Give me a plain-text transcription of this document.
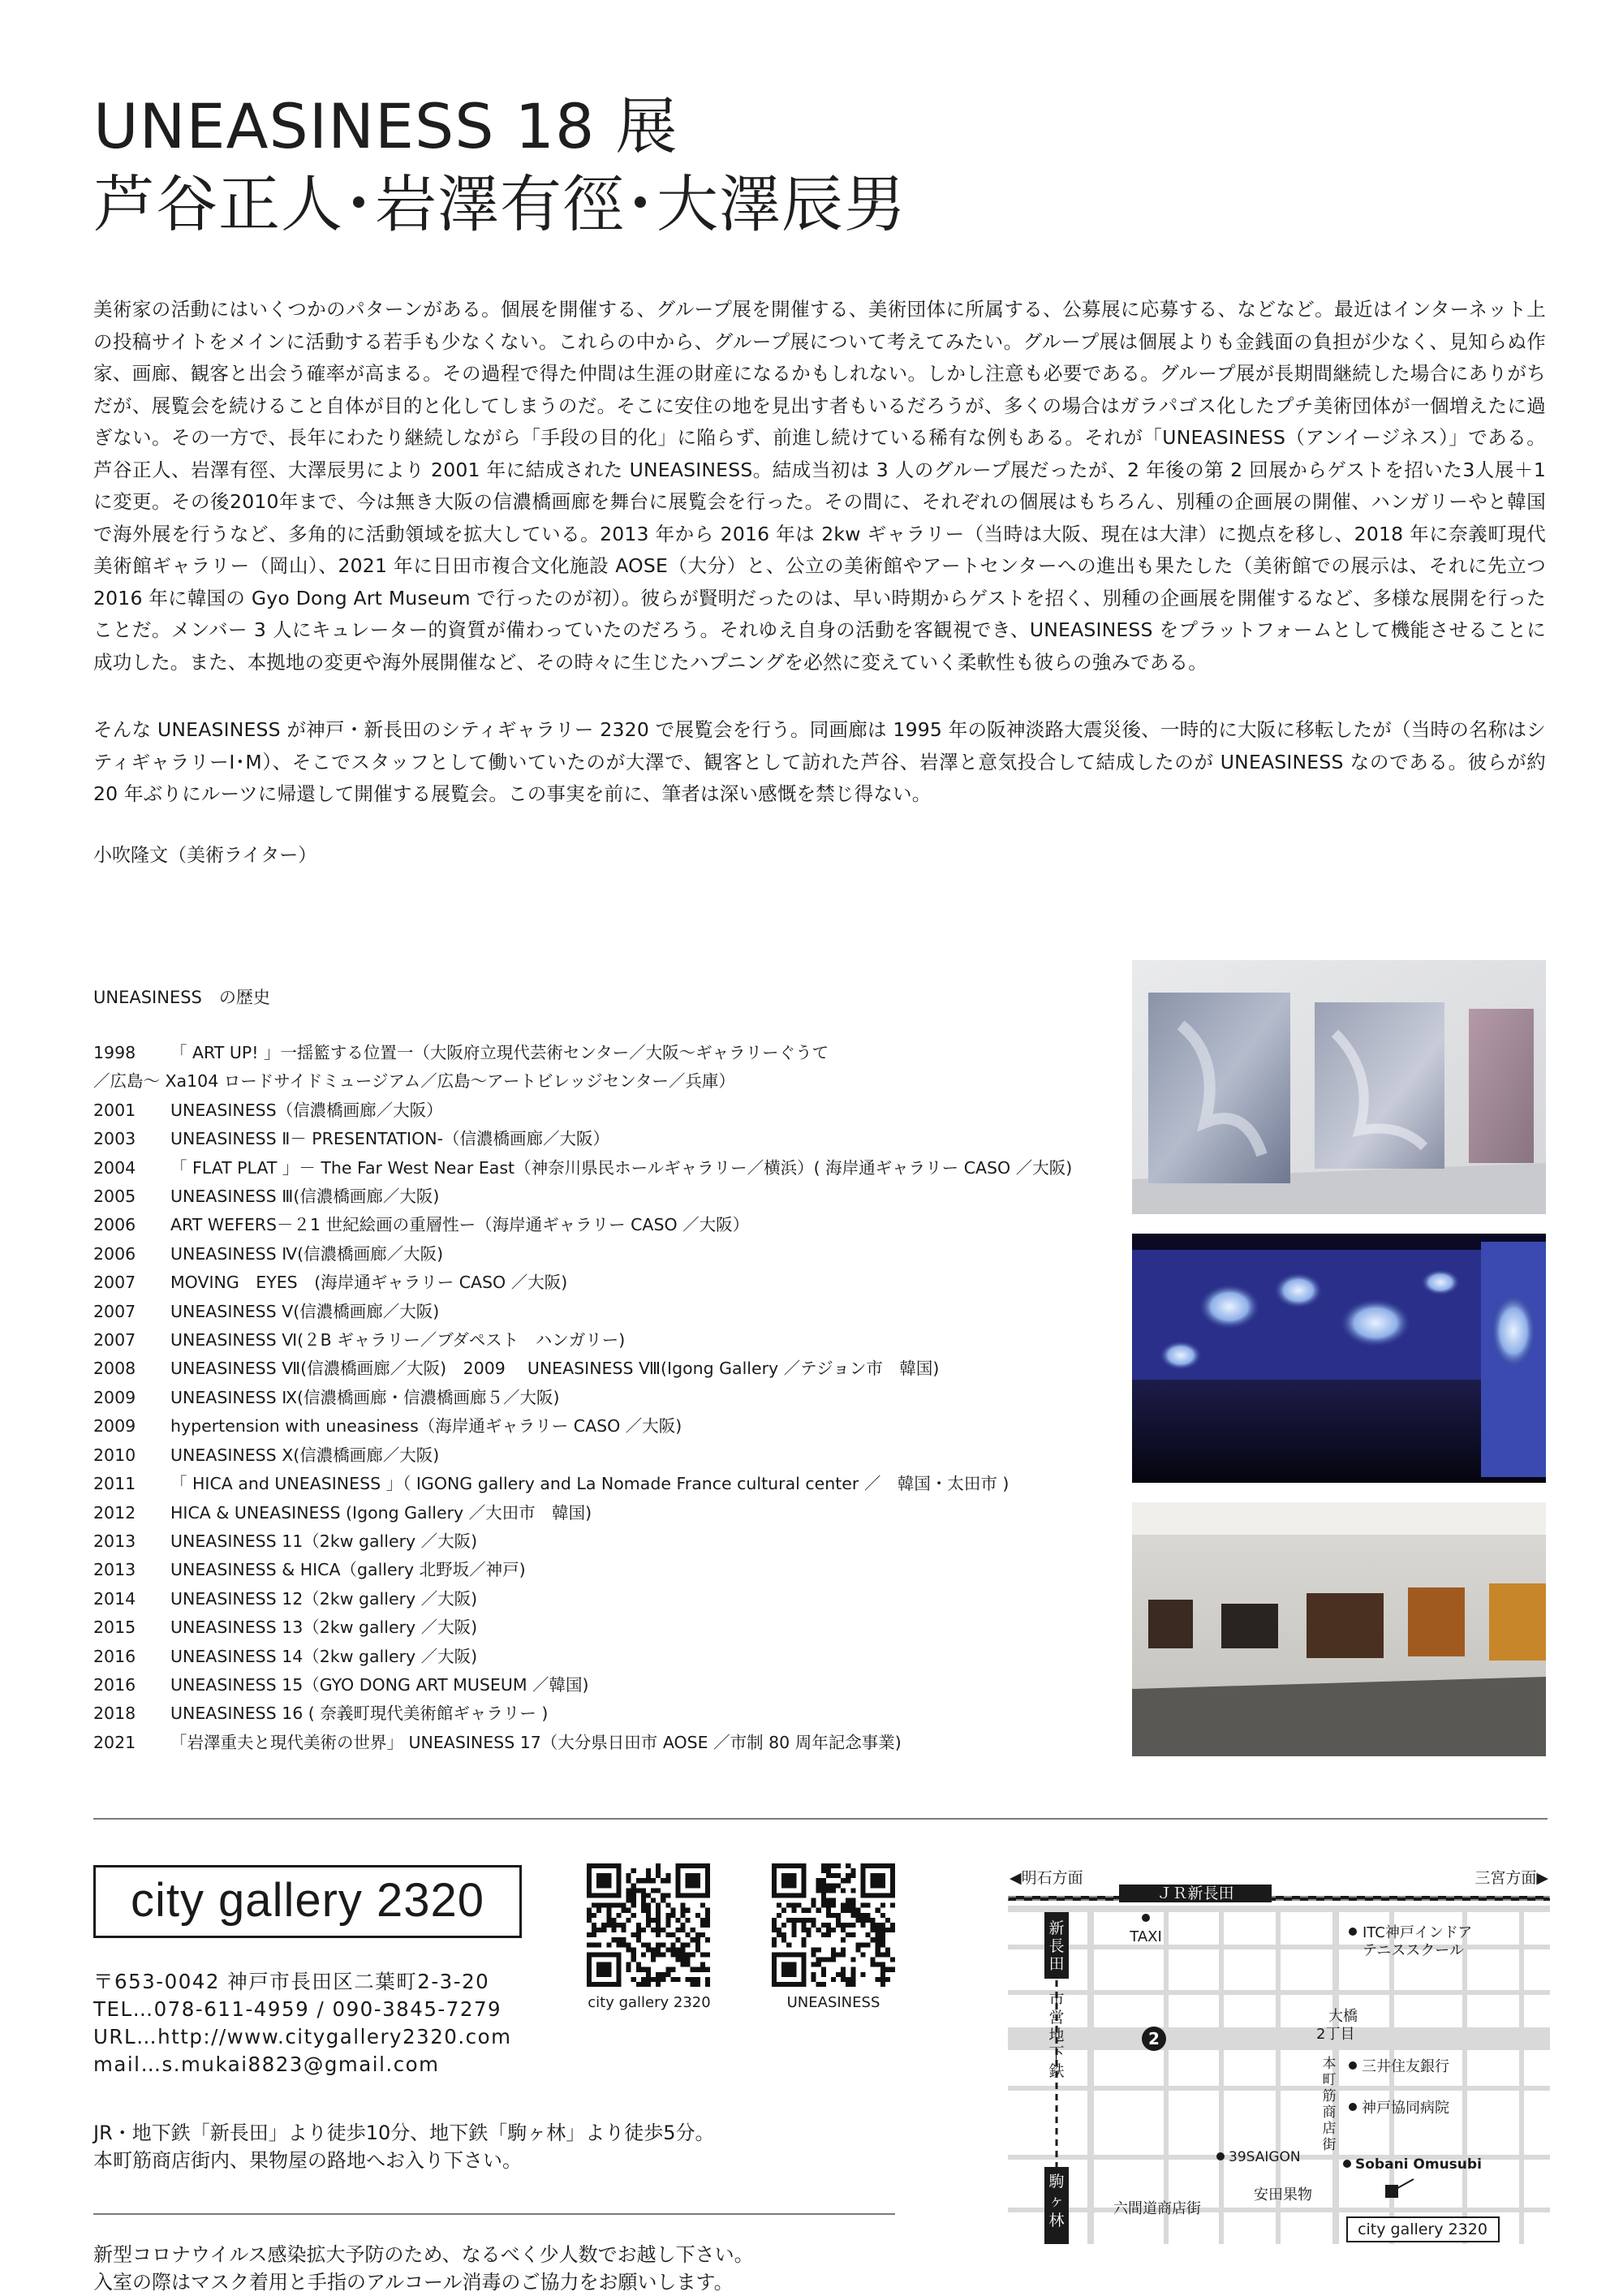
UNEASINESS 18 展
芦谷正人･岩澤有徑･大澤辰男
美術家の活動にはいくつかのパターンがある。個展を開催する、グループ展を開催する、美術団体に所属する、公募展に応募する、などなど。最近はインターネット上の投稿サイトをメインに活動する若手も少なくない。これらの中から、グループ展について考えてみたい。グループ展は個展よりも金銭面の負担が少なく、見知らぬ作家、画廊、観客と出会う確率が高まる。その過程で得た仲間は生涯の財産になるかもしれない。しかし注意も必要である。グループ展が長期間継続した場合にありがちだが、展覧会を続けること自体が目的と化してしまうのだ。そこに安住の地を見出す者もいるだろうが、多くの場合はガラパゴス化したプチ美術団体が一個増えたに過ぎない。その一方で、長年にわたり継続しながら「手段の目的化」に陥らず、前進し続けている稀有な例もある。それが「UNEASINESS（アンイージネス）」である。芦谷正人、岩澤有徑、大澤辰男により 2001 年に結成された UNEASINESS。結成当初は 3 人のグループ展だったが、2 年後の第 2 回展からゲストを招いた3人展＋1に変更。その後2010年まで、今は無き大阪の信濃橋画廊を舞台に展覧会を行った。その間に、それぞれの個展はもちろん、別種の企画展の開催、ハンガリーやと韓国で海外展を行うなど、多角的に活動領域を拡大している。2013 年から 2016 年は 2kw ギャラリー（当時は大阪、現在は大津）に拠点を移し、2018 年に奈義町現代美術館ギャラリー（岡山）、2021 年に日田市複合文化施設 AOSE（大分）と、公立の美術館やアートセンターへの進出も果たした（美術館での展示は、それに先立つ 2016 年に韓国の Gyo Dong Art Museum で行ったのが初）。彼らが賢明だったのは、早い時期からゲストを招く、別種の企画展を開催するなど、多様な展開を行ったことだ。メンバー 3 人にキュレーター的資質が備わっていたのだろう。それゆえ自身の活動を客観視でき、UNEASINESS をプラットフォームとして機能させることに成功した。また、本拠地の変更や海外展開催など、その時々に生じたハプニングを必然に変えていく柔軟性も彼らの強みである。
そんな UNEASINESS が神戸・新長田のシティギャラリー 2320 で展覧会を行う。同画廊は 1995 年の阪神淡路大震災後、一時的に大阪に移転したが（当時の名称はシティギャラリーⅠ･M）、そこでスタッフとして働いていたのが大澤で、観客として訪れた芦谷、岩澤と意気投合して結成したのが UNEASINESS なのである。彼らが約 20 年ぶりにルーツに帰還して開催する展覧会。この事実を前に、筆者は深い感慨を禁じ得ない。
小吹隆文（美術ライター）
UNEASINESS　の歴史
1998 「 ART UP! 」一揺籃する位置一（大阪府立現代芸術センター／大阪～ギャラリーぐうて
／広島～ Xa104 ロードサイドミュージアム／広島～アートビレッジセンター／兵庫）
2001 UNEASINESS（信濃橋画廊／大阪）
2003 UNEASINESS Ⅱ－ PRESENTATION-（信濃橋画廊／大阪）
2004 「 FLAT PLAT 」－ The Far West Near East（神奈川県民ホールギャラリー／横浜）( 海岸通ギャラリー CASO ／大阪)
2005 UNEASINESS Ⅲ(信濃橋画廊／大阪)
2006 ART WEFERS－２1 世紀絵画の重層性ー（海岸通ギャラリー CASO ／大阪）
2006 UNEASINESS Ⅳ(信濃橋画廊／大阪)
2007 MOVING　EYES　(海岸通ギャラリー CASO ／大阪)
2007 UNEASINESS Ⅴ(信濃橋画廊／大阪)
2007 UNEASINESS Ⅵ(２B ギャラリー／ブダペスト　ハンガリー)
2008 UNEASINESS Ⅶ(信濃橋画廊／大阪)　2009　 UNEASINESS Ⅷ(Igong Gallery ／テジョン市　韓国)
2009 UNEASINESS Ⅸ(信濃橋画廊・信濃橋画廊５／大阪)
2009 hypertension with uneasiness（海岸通ギャラリー CASO ／大阪)
2010 UNEASINESS Ⅹ(信濃橋画廊／大阪)
2011 「 HICA and UNEASINESS 」（ IGONG gallery and La Nomade France cultural center ／　韓国・太田市 )
2012 HICA & UNEASINESS (Igong Gallery ／大田市　韓国)
2013 UNEASINESS 11（2kw gallery ／大阪)
2013 UNEASINESS & HICA（gallery 北野坂／神戸)
2014 UNEASINESS 12（2kw gallery ／大阪)
2015 UNEASINESS 13（2kw gallery ／大阪)
2016 UNEASINESS 14（2kw gallery ／大阪)
2016 UNEASINESS 15（GYO DONG ART MUSEUM ／韓国)
2018 UNEASINESS 16 ( 奈義町現代美術館ギャラリー )
2021 「岩澤重夫と現代美術の世界」 UNEASINESS 17（大分県日田市 AOSE ／市制 80 周年記念事業)
city gallery 2320
〒653-0042 神戸市長田区二葉町2-3-20
TEL…078-611-4959 / 090-3845-7279
URL…http://www.citygallery2320.com
mail…s.mukai8823@gmail.com
JR・地下鉄「新長田」より徒歩10分、地下鉄「駒ヶ林」より徒歩5分。
本町筋商店街内、果物屋の路地へお入り下さい。
新型コロナウイルス感染拡大予防のため、なるべく少人数でお越し下さい。
入室の際はマスク着用と手指のアルコール消毒のご協力をお願いします。
city gallery 2320	UNEASINESS
ＪＲ新長田
◀明石方面	三宮方面▶
TAXI
新長田
ITC神戸インドア
テニススクール
2
大橋
2丁目
三井住友銀行
神戸協同病院
市営地下鉄	本町筋商店街
39SAIGON	Sobani Omusubi
駒ヶ林
安田果物
六間道商店街
city gallery 2320
